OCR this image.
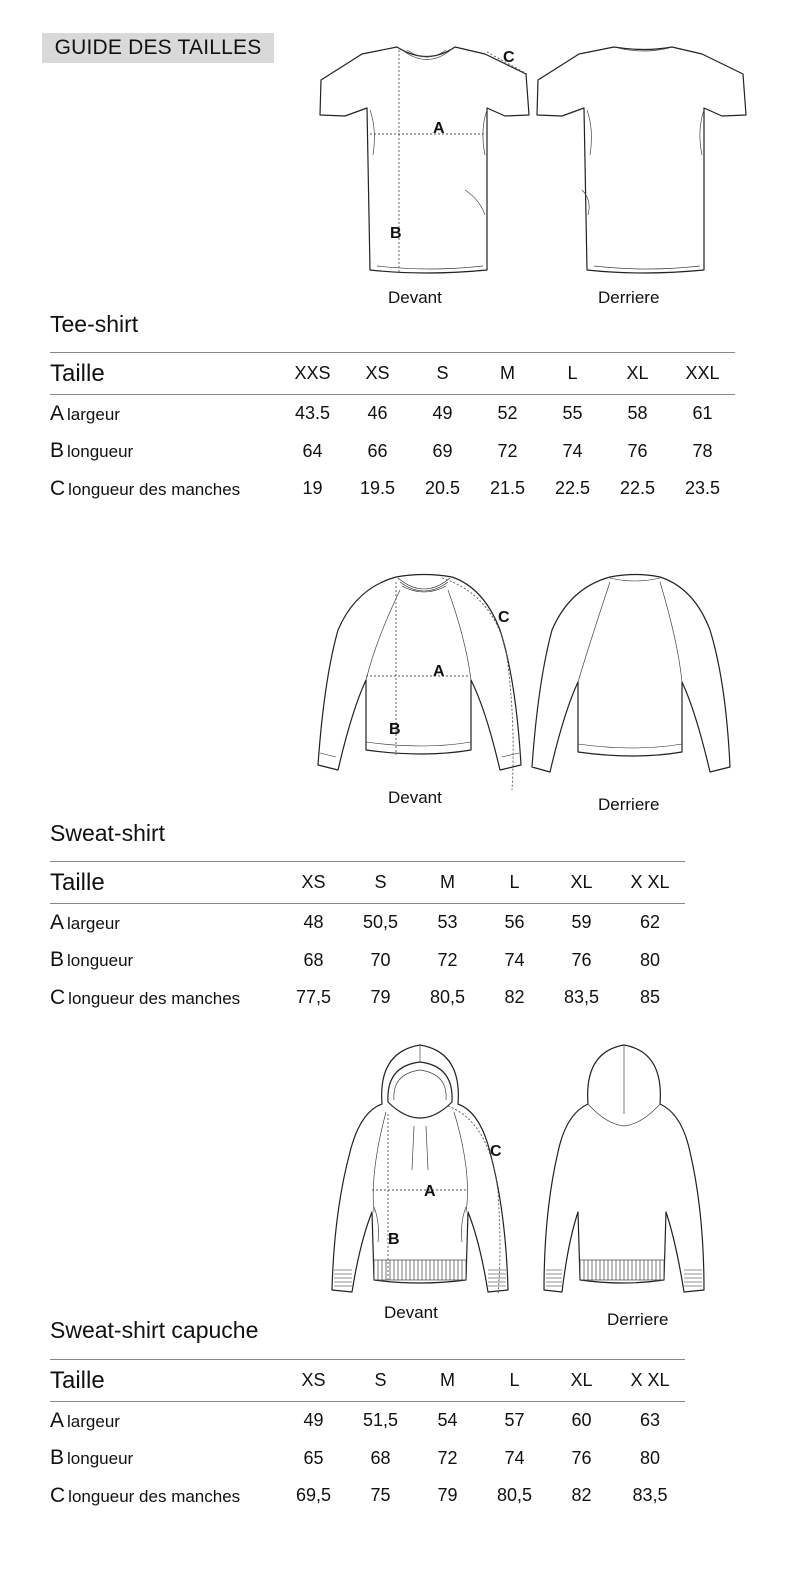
GUIDE DES TAILLES
A
B
C
Devant	Derriere
Tee-shirt
Taille	XXS	XS	S	M	L	XL	XXL
A largeur	43.5	46	49	52	55	58	61
B longueur	64	66	69	72	74	76	78
C longueur des manches	19	19.5	20.5	21.5	22.5	22.5	23.5
A
B
C
Devant	Derriere
Sweat-shirt
Taille	XS	S	M	L	XL	X XL
A largeur	48	50,5	53	56	59	62
B longueur	68	70	72	74	76	80
C longueur des manches	77,5	79	80,5	82	83,5	85
A
B
C
Devant	Derriere
Sweat-shirt capuche
Taille	XS	S	M	L	XL	X XL
A largeur	49	51,5	54	57	60	63
B longueur	65	68	72	74	76	80
C longueur des manches	69,5	75	79	80,5	82	83,5
